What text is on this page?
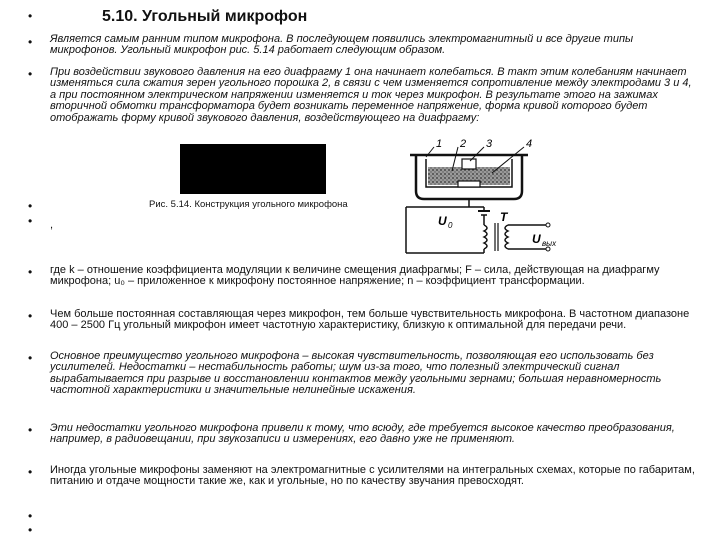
•
•
•
•
•
•
•
•
•
•
•
•
5.10. Угольный микрофон

Является самым ранним типом микрофона. В последующем появились электромагнитный и все другие типы микрофонов. Угольный микрофон рис. 5.14 работает следующим образом.

При воздействии звукового давления на его диафрагму 1 она начинает колебаться. В такт этим колебаниям начинает изменяться сила сжатия зерен угольного порошка 2, в связи с чем изменяется сопротивление между электродами 3 и 4, а при постоянном электрическом напряжении изменяется и ток через микрофон. В результате этого на зажимах вторичной обмотки трансформатора будет возникать переменное напряжение, форма кривой которого будет отображать форму кривой звукового давления, воздействующего на диафрагму:

Рис. 5.14. Конструкция угольного микрофона
,
1 2 3	4
U 0
T
U вых

где k – отношение коэффициента модуляции к величине смещения диафрагмы; F – сила, действующая на диафрагму микрофона; u₀ – приложенное к микрофону постоянное напряжение; n – коэффициент трансформации.

Чем больше постоянная составляющая через микрофон, тем больше чувствительность микрофона. В частотном диапазоне 400 – 2500 Гц угольный микрофон имеет частотную характеристику, близкую к оптимальной для передачи речи.

Основное преимущество угольного микрофона – высокая чувствительность, позволяющая его использовать без усилителей. Недостатки – нестабильность работы; шум из-за того, что полезный электрический сигнал вырабатывается при разрыве и восстановлении контактов между угольными зернами; большая неравномерность частотной характеристики и значительные нелинейные искажения.

Эти недостатки угольного микрофона привели к тому, что всюду, где требуется высокое качество преобразования, например, в радиовещании, при звукозаписи и измерениях, его давно уже не применяют.

Иногда угольные микрофоны заменяют на электромагнитные с усилителями на интегральных схемах, которые по габаритам, питанию и отдаче мощности такие же, как и угольные, но по качеству звучания превосходят.
